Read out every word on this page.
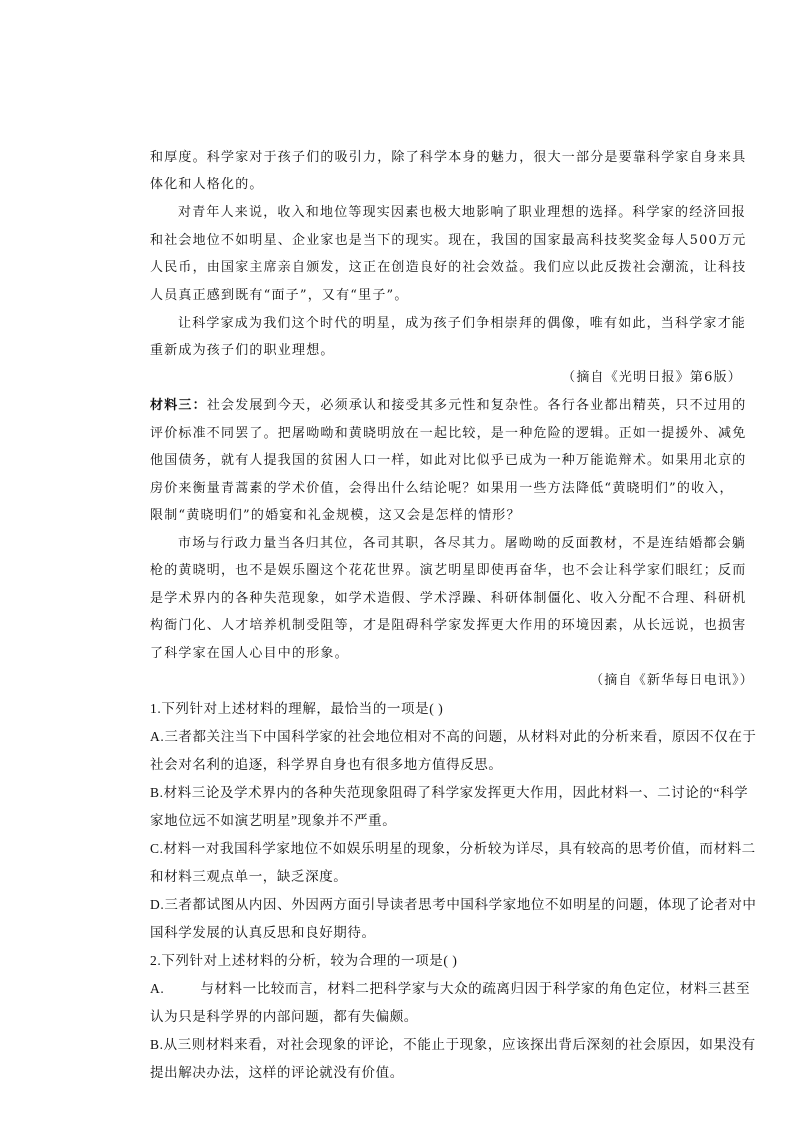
和厚度。科学家对于孩子们的吸引力，除了科学本身的魅力，很大一部分是要靠科学家自身来具
体化和人格化的。
对青年人来说，收入和地位等现实因素也极大地影响了职业理想的选择。科学家的经济回报
和社会地位不如明星、企业家也是当下的现实。现在，我国的国家最高科技奖奖金每人500万元
人民币，由国家主席亲自颁发，这正在创造良好的社会效益。我们应以此反拨社会潮流，让科技
人员真正感到既有“面子”，又有“里子”。
让科学家成为我们这个时代的明星，成为孩子们争相崇拜的偶像，唯有如此，当科学家才能
重新成为孩子们的职业理想。
（摘自《光明日报》第6版）
材料三：社会发展到今天，必须承认和接受其多元性和复杂性。各行各业都出精英，只不过用的
评价标准不同罢了。把屠呦呦和黄晓明放在一起比较，是一种危险的逻辑。正如一提援外、减免
他国债务，就有人提我国的贫困人口一样，如此对比似乎已成为一种万能诡辩术。如果用北京的
房价来衡量青蒿素的学术价值，会得出什么结论呢？如果用一些方法降低“黄晓明们”的收入，
限制“黄晓明们”的婚宴和礼金规模，这又会是怎样的情形？
市场与行政力量当各归其位，各司其职，各尽其力。屠呦呦的反面教材，不是连结婚都会躺
枪的黄晓明，也不是娱乐圈这个花花世界。演艺明星即使再奋华，也不会让科学家们眼红；反而
是学术界内的各种失范现象，如学术造假、学术浮躁、科研体制僵化、收入分配不合理、科研机
构衙门化、人才培养机制受阻等，才是阻碍科学家发挥更大作用的环境因素，从长远说，也损害
了科学家在国人心目中的形象。
（摘自《新华每日电讯》）
1.下列针对上述材料的理解，最恰当的一项是( )
A.三者都关注当下中国科学家的社会地位相对不高的问题，从材料对此的分析来看，原因不仅在于
社会对名利的追逐，科学界自身也有很多地方值得反思。
B.材料三论及学术界内的各种失范现象阻碍了科学家发挥更大作用，因此材料一、二讨论的“科学
家地位远不如演艺明星”现象并不严重。
C.材料一对我国科学家地位不如娱乐明星的现象，分析较为详尽，具有较高的思考价值，而材料二
和材料三观点单一，缺乏深度。
D.三者都试图从内因、外因两方面引导读者思考中国科学家地位不如明星的问题，体现了论者对中
国科学发展的认真反思和良好期待。
2.下列针对上述材料的分析，较为合理的一项是( )
A.	与材料一比较而言，材料二把科学家与大众的疏离归因于科学家的角色定位，材料三甚至
认为只是科学界的内部问题，都有失偏颇。
B.从三则材料来看，对社会现象的评论，不能止于现象，应该探出背后深刻的社会原因，如果没有
提出解决办法，这样的评论就没有价值。
